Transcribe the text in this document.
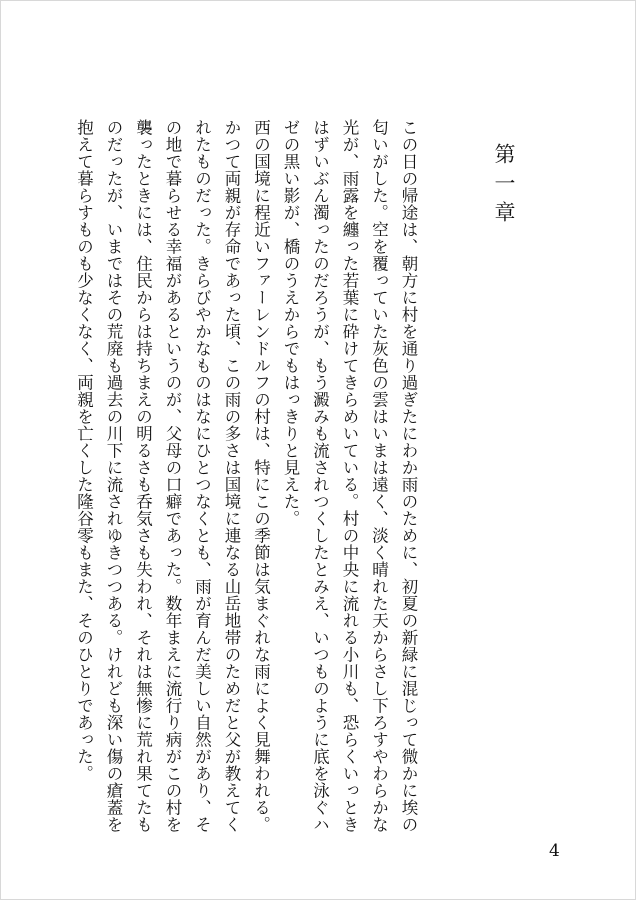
第一章

この日の帰途は、朝方に村を通り過ぎたにわか雨のために、初夏の新緑に混じって微かに埃の匂いがした。空を覆っていた灰色の雲はいまは遠く、淡く晴れた天からさし下ろすやわらかな光が、雨露を纏った若葉に砕けてきらめいている。村の中央に流れる小川も、恐らくいっときはずいぶん濁ったのだろうが、もう澱みも流されつくしたとみえ、いつものように底を泳ぐハゼの黒い影が、橋のうえからでもはっきりと見えた。

西の国境に程近いファーレンドルフの村は、特にこの季節は気まぐれな雨によく見舞われる。かつて両親が存命であった頃、この雨の多さは国境に連なる山岳地帯のためだと父が教えてくれたものだった。きらびやかなものはなにひとつなくとも、雨が育んだ美しい自然があり、その地で暮らせる幸福があるというのが、父母の口癖であった。数年まえに流行り病がこの村を襲ったときには、住民からは持ちまえの明るさも呑気さも失われ、それは無惨に荒れ果てたものだったが、いまではその荒廃も過去の川下に流されゆきつつある。けれども深い傷の瘡蓋を抱えて暮らすものも少なくなく、両親を亡くした隆谷零もまた、そのひとりであった。

4
